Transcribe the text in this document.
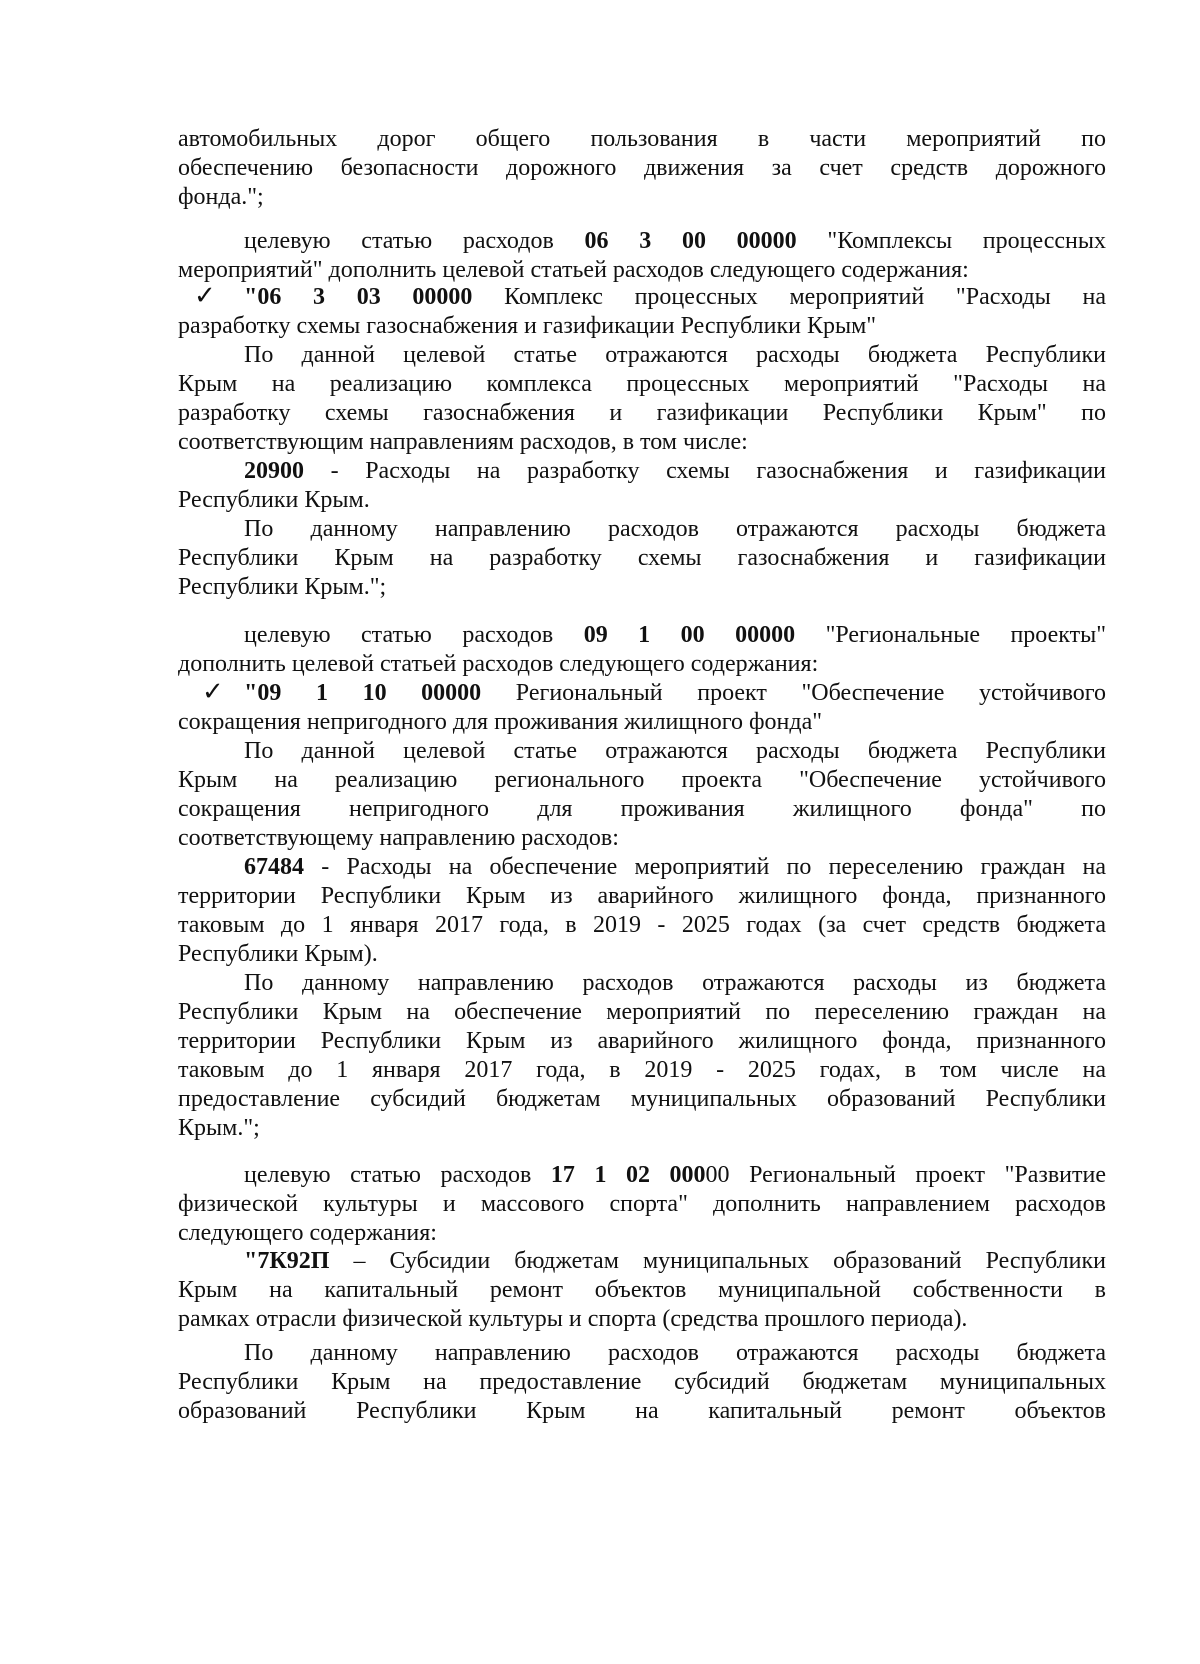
автомобильных дорог общего пользования в части мероприятий по
обеспечению безопасности дорожного движения за счет средств дорожного
фонда.";
целевую статью расходов 06 3 00 00000 "Комплексы процессных
мероприятий" дополнить целевой статьей расходов следующего содержания:
✓ "06 3 03 00000 Комплекс процессных мероприятий "Расходы на
разработку схемы газоснабжения и газификации Республики Крым"
По данной целевой статье отражаются расходы бюджета Республики
Крым на реализацию комплекса процессных мероприятий "Расходы на
разработку схемы газоснабжения и газификации Республики Крым" по
соответствующим направлениям расходов, в том числе:
20900 - Расходы на разработку схемы газоснабжения и газификации
Республики Крым.
По данному направлению расходов отражаются расходы бюджета
Республики Крым на разработку схемы газоснабжения и газификации
Республики Крым.";
целевую статью расходов 09 1 00 00000 "Региональные проекты"
дополнить целевой статьей расходов следующего содержания:
✓ "09 1 10 00000 Региональный проект "Обеспечение устойчивого
сокращения непригодного для проживания жилищного фонда"
По данной целевой статье отражаются расходы бюджета Республики
Крым на реализацию регионального проекта "Обеспечение устойчивого
сокращения непригодного для проживания жилищного фонда" по
соответствующему направлению расходов:
67484 - Расходы на обеспечение мероприятий по переселению граждан на
территории Республики Крым из аварийного жилищного фонда, признанного
таковым до 1 января 2017 года, в 2019 - 2025 годах (за счет средств бюджета
Республики Крым).
По данному направлению расходов отражаются расходы из бюджета
Республики Крым на обеспечение мероприятий по переселению граждан на
территории Республики Крым из аварийного жилищного фонда, признанного
таковым до 1 января 2017 года, в 2019 - 2025 годах, в том числе на
предоставление субсидий бюджетам муниципальных образований Республики
Крым.";
целевую статью расходов 17 1 02 00000 Региональный проект "Развитие
физической культуры и массового спорта" дополнить направлением расходов
следующего содержания:
"7К92П – Субсидии бюджетам муниципальных образований Республики
Крым на капитальный ремонт объектов муниципальной собственности в
рамках отрасли физической культуры и спорта (средства прошлого периода).
По данному направлению расходов отражаются расходы бюджета
Республики Крым на предоставление субсидий бюджетам муниципальных
образований Республики Крым на капитальный ремонт объектов
